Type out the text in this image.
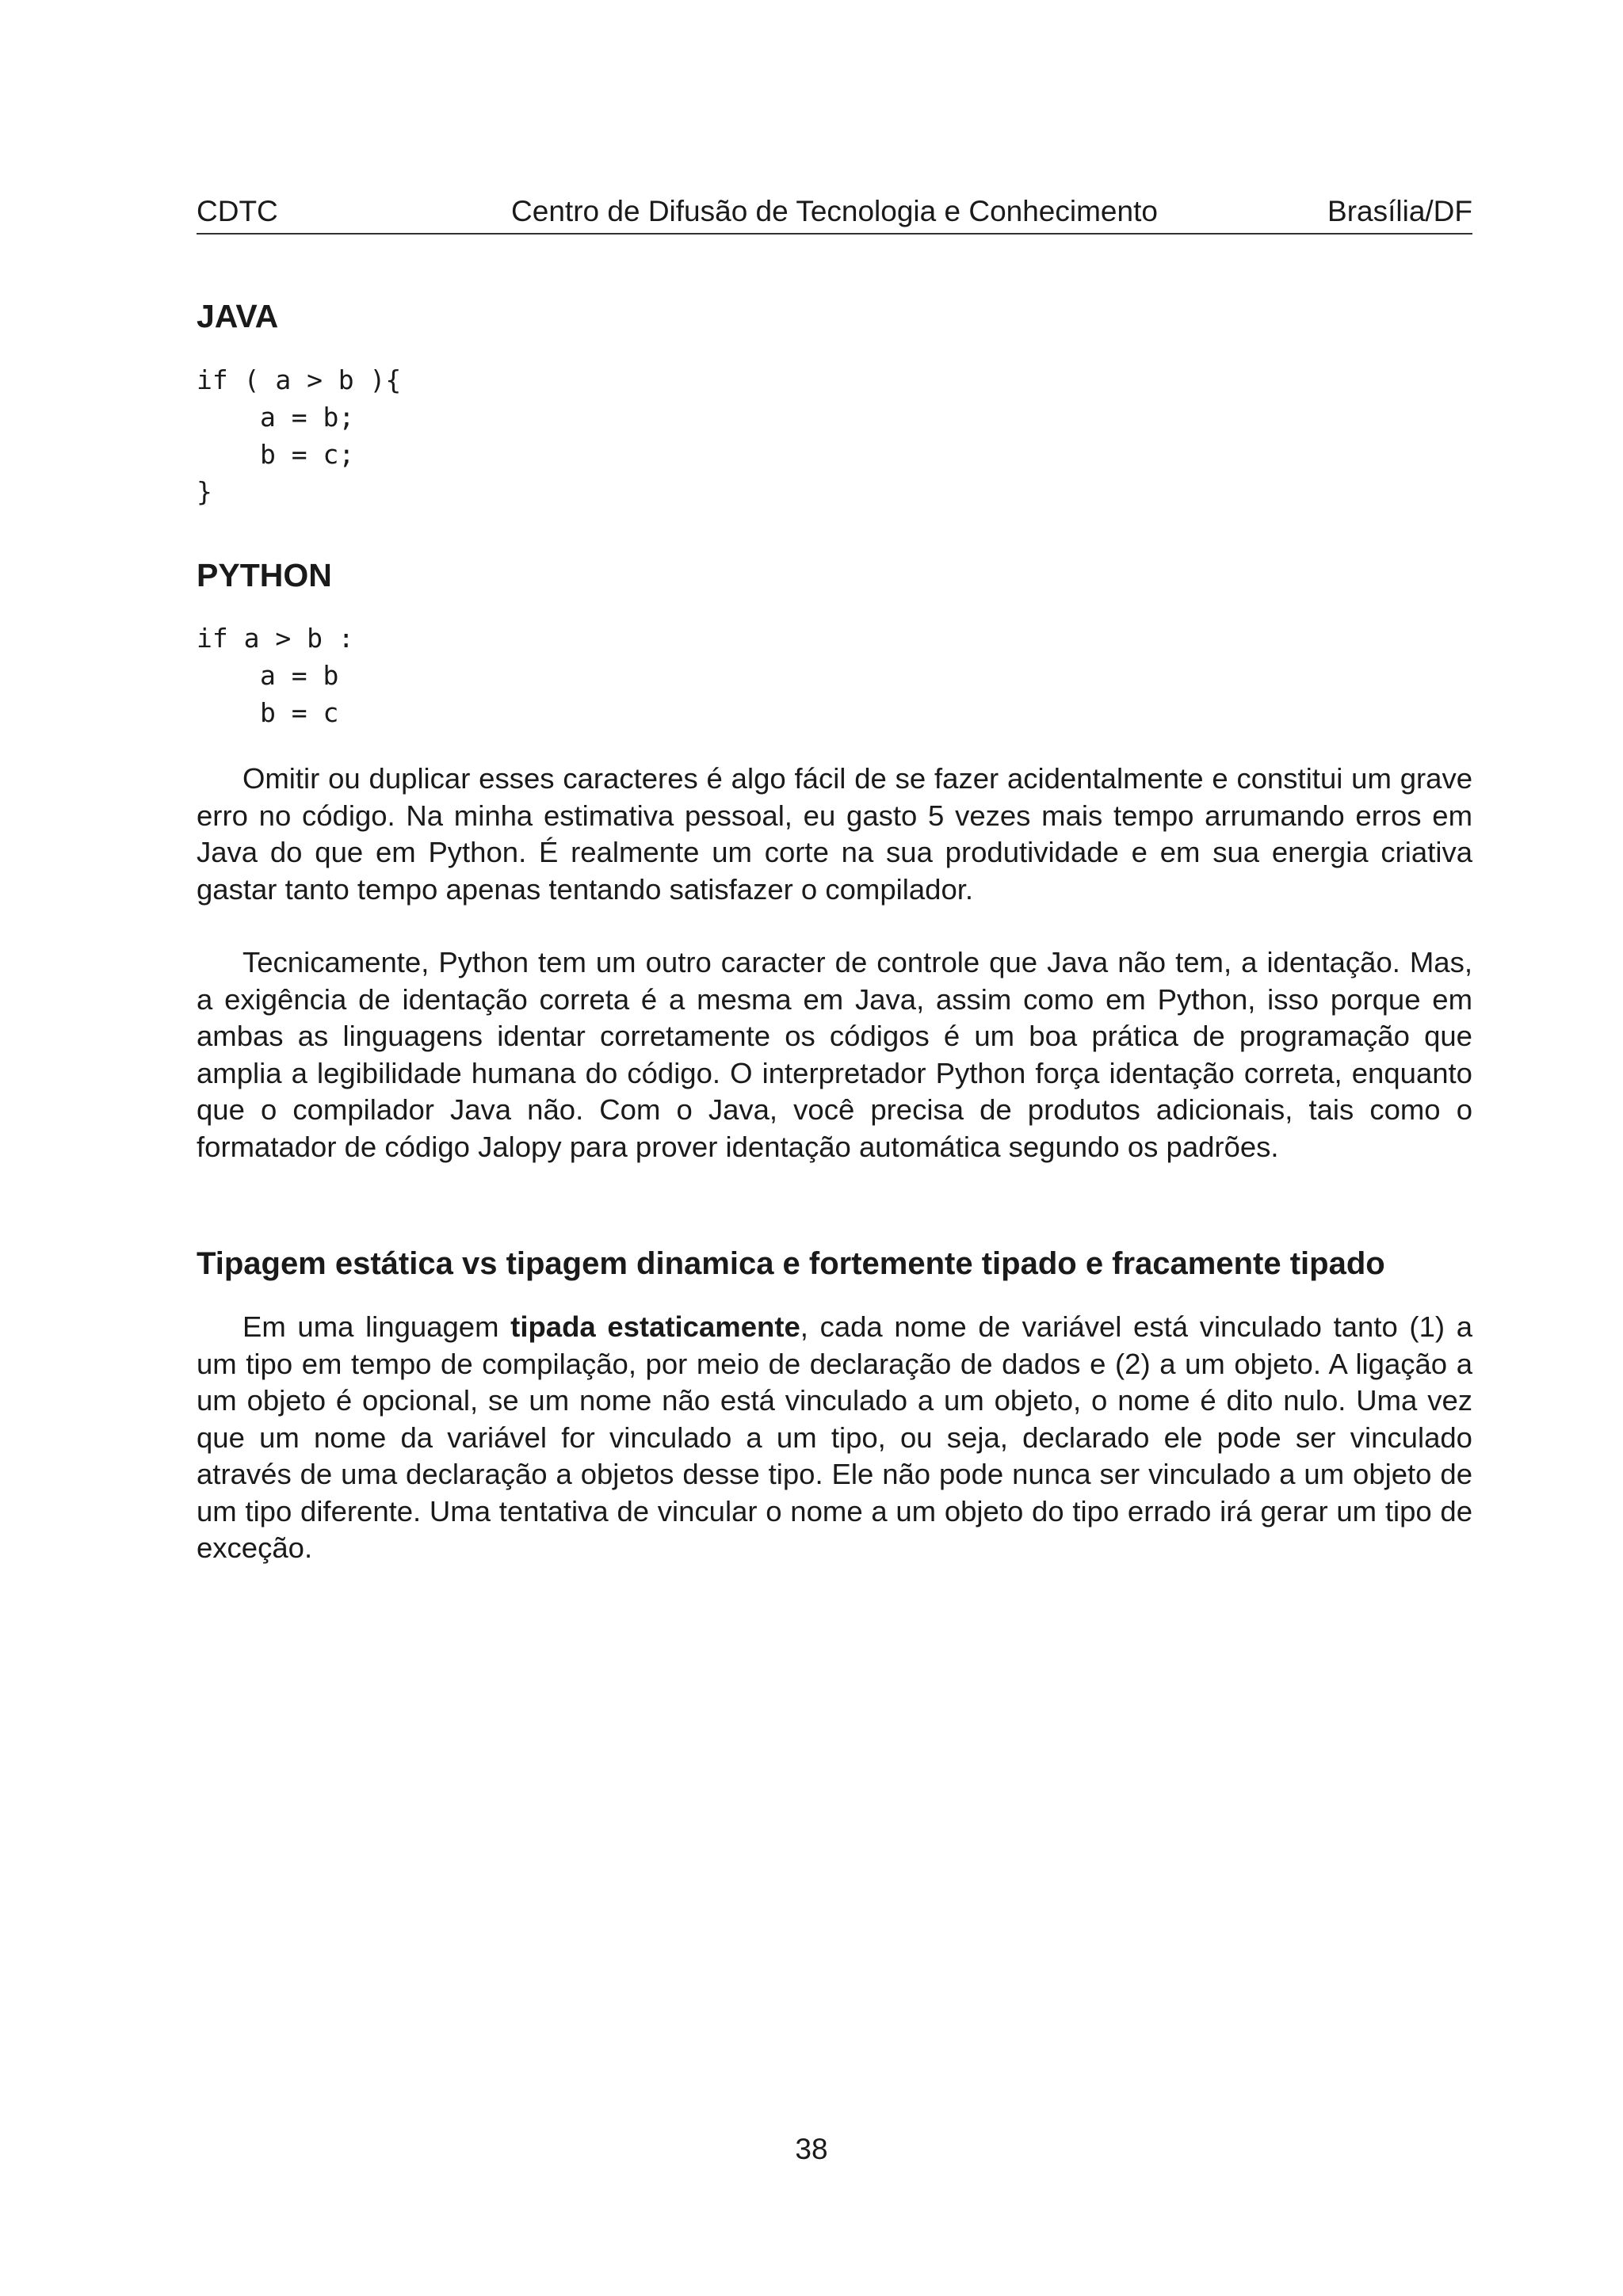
CDTC	Centro de Difusão de Tecnologia e Conhecimento	Brasília/DF
JAVA
if ( a > b ){
a = b;
b = c;
}
PYTHON
if a > b :
a = b
b = c

Omitir ou duplicar esses caracteres é algo fácil de se fazer acidentalmente e constitui um grave erro no código. Na minha estimativa pessoal, eu gasto 5 vezes mais tempo arrumando erros em Java do que em Python. É realmente um corte na sua produtividade e em sua energia criativa gastar tanto tempo apenas tentando satisfazer o compilador.

Tecnicamente, Python tem um outro caracter de controle que Java não tem, a identação. Mas, a exigência de identação correta é a mesma em Java, assim como em Python, isso porque em ambas as linguagens identar corretamente os códigos é um boa prática de programação que amplia a legibilidade humana do código. O interpretador Python força identação correta, enquanto que o compilador Java não. Com o Java, você precisa de produtos adicionais, tais como o formatador de código Jalopy para prover identação automática segundo os padrões.

Tipagem estática vs tipagem dinamica e fortemente tipado e fracamente tipado

Em uma linguagem tipada estaticamente, cada nome de variável está vinculado tanto (1) a um tipo em tempo de compilação, por meio de declaração de dados e (2) a um objeto. A ligação a um objeto é opcional, se um nome não está vinculado a um objeto, o nome é dito nulo. Uma vez que um nome da variável for vinculado a um tipo, ou seja, declarado ele pode ser vinculado através de uma declaração a objetos desse tipo. Ele não pode nunca ser vinculado a um objeto de um tipo diferente. Uma tentativa de vincular o nome a um objeto do tipo errado irá gerar um tipo de exceção.

38
